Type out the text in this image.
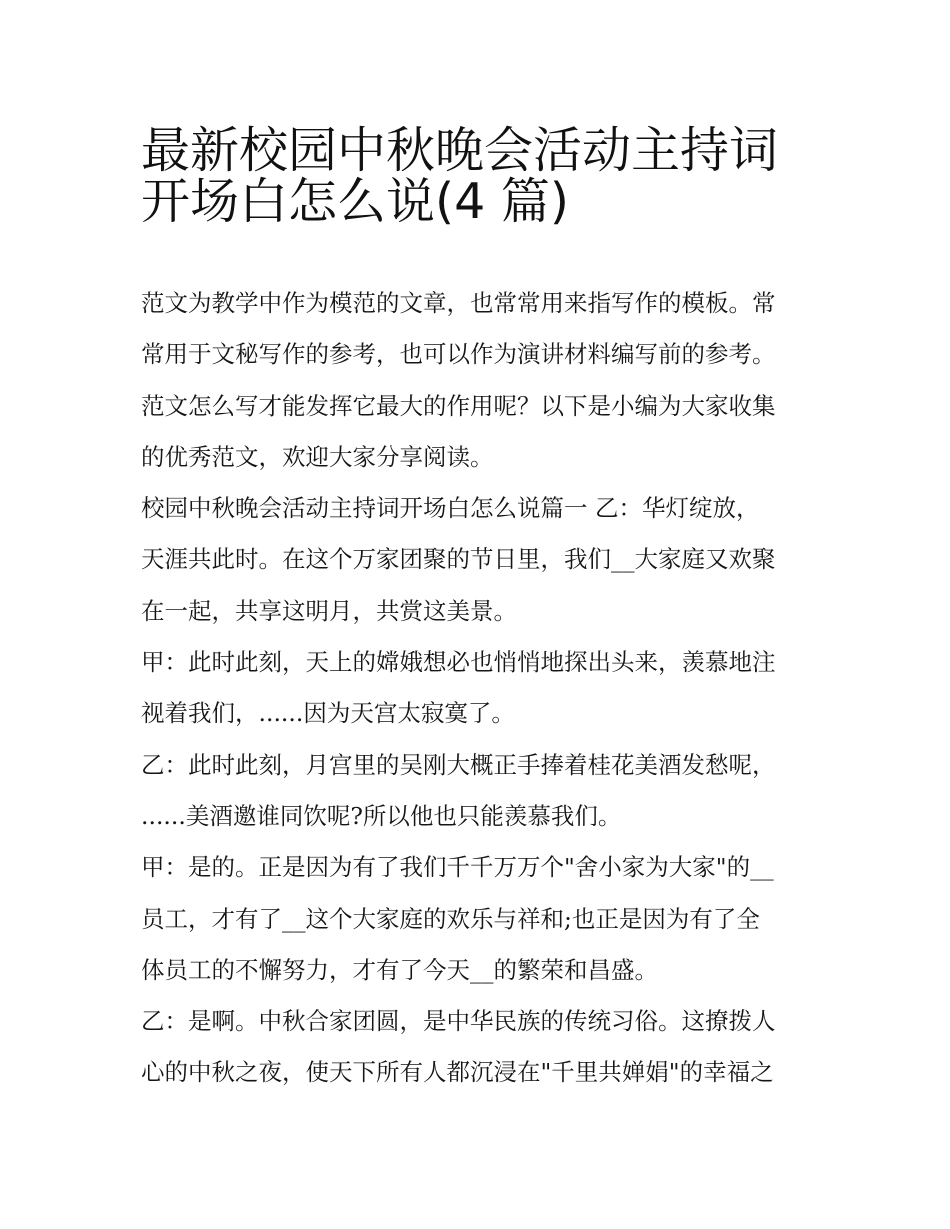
最新校园中秋晚会活动主持词
开场白怎么说(4 篇)

范文为教学中作为模范的文章，也常常用来指写作的模板。常
常用于文秘写作的参考，也可以作为演讲材料编写前的参考。
范文怎么写才能发挥它最大的作用呢？以下是小编为大家收集
的优秀范文，欢迎大家分享阅读。

校园中秋晚会活动主持词开场白怎么说篇一 乙：华灯绽放，
天涯共此时。在这个万家团聚的节日里，我们__大家庭又欢聚
在一起，共享这明月，共赏这美景。

甲：此时此刻，天上的嫦娥想必也悄悄地探出头来，羡慕地注
视着我们，......因为天宫太寂寞了。

乙：此时此刻，月宫里的吴刚大概正手捧着桂花美酒发愁呢，
......美酒邀谁同饮呢?所以他也只能羡慕我们。

甲：是的。正是因为有了我们千千万万个"舍小家为大家"的__
员工，才有了__这个大家庭的欢乐与祥和;也正是因为有了全
体员工的不懈努力，才有了今天__的繁荣和昌盛。

乙：是啊。中秋合家团圆，是中华民族的传统习俗。这撩拨人
心的中秋之夜，使天下所有人都沉浸在"千里共婵娟"的幸福之
